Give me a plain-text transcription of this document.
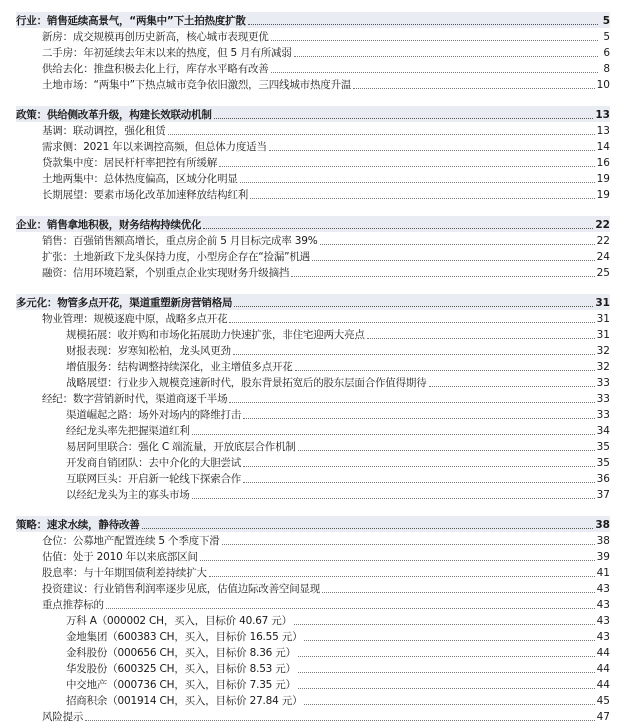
行业：销售延续高景气，“两集中”下土拍热度扩散	5
新房：成交规模再创历史新高，核心城市表现更优	5
二手房：年初延续去年末以来的热度，但 5 月有所减弱	6
供给去化：推盘积极去化上行，库存水平略有改善	8
土地市场：“两集中”下热点城市竞争依旧激烈，三四线城市热度升温	10
政策：供给侧改革升级，构建长效联动机制	13
基调：联动调控，强化租赁	13
需求侧：2021 年以来调控高频，但总体力度适当	14
贷款集中度：居民杆杆率把控有所缓解	16
土地两集中：总体热度偏高，区域分化明显	19
长期展望：要素市场化改革加速释放结构红利	19
企业：销售拿地积极，财务结构持续优化	22
销售：百强销售额高增长，重点房企前 5 月目标完成率 39%	22
扩张：土地新政下龙头保持力度，小型房企存在“捡漏”机遇	24
融资：信用环境趋紧，个别重点企业实现财务升级摘挡	25
多元化：物管多点开花，渠道重塑新房营销格局	31
物业管理：规模逐鹿中原，战略多点开花	31
规模拓展：收并购和市场化拓展助力快速扩张，非住宅迎两大亮点	31
财报表现：岁寒知松柏，龙头风更劲	32
增值服务：结构调整持续深化，业主增值多点开花	32
战略展望：行业步入规模竞速新时代，股东背景拓宽后的股东层面合作值得期待	33
经纪：数字营销新时代，渠道商逐千半场	33
渠道崛起之路：场外对场内的降维打击	33
经纪龙头率先把握渠道红利	34
易居阿里联合：强化 C 端流量，开放底层合作机制	35
开发商自销团队：去中介化的大胆尝试	35
互联网巨头：开启新一轮线下探索合作	36
以经纪龙头为主的寡头市场	37
策略：速求水续，静待改善	38
仓位：公募地产配置连续 5 个季度下滑	38
估值：处于 2010 年以来底部区间	39
股息率：与十年期国债利差持续扩大	41
投资建议：行业销售利润率逐步见底，估值边际改善空间显现	43
重点推荐标的	43
万科 A（000002 CH，买入，目标价 40.67 元）	43
金地集团（600383 CH，买入，目标价 16.55 元）	43
金科股份（000656 CH，买入，目标价 8.36 元）	44
华发股份（600325 CH，买入，目标价 8.53 元）	44
中交地产（000736 CH，买入，目标价 7.35 元）	44
招商积余（001914 CH，买入，目标价 27.84 元）	45
风险提示	47
